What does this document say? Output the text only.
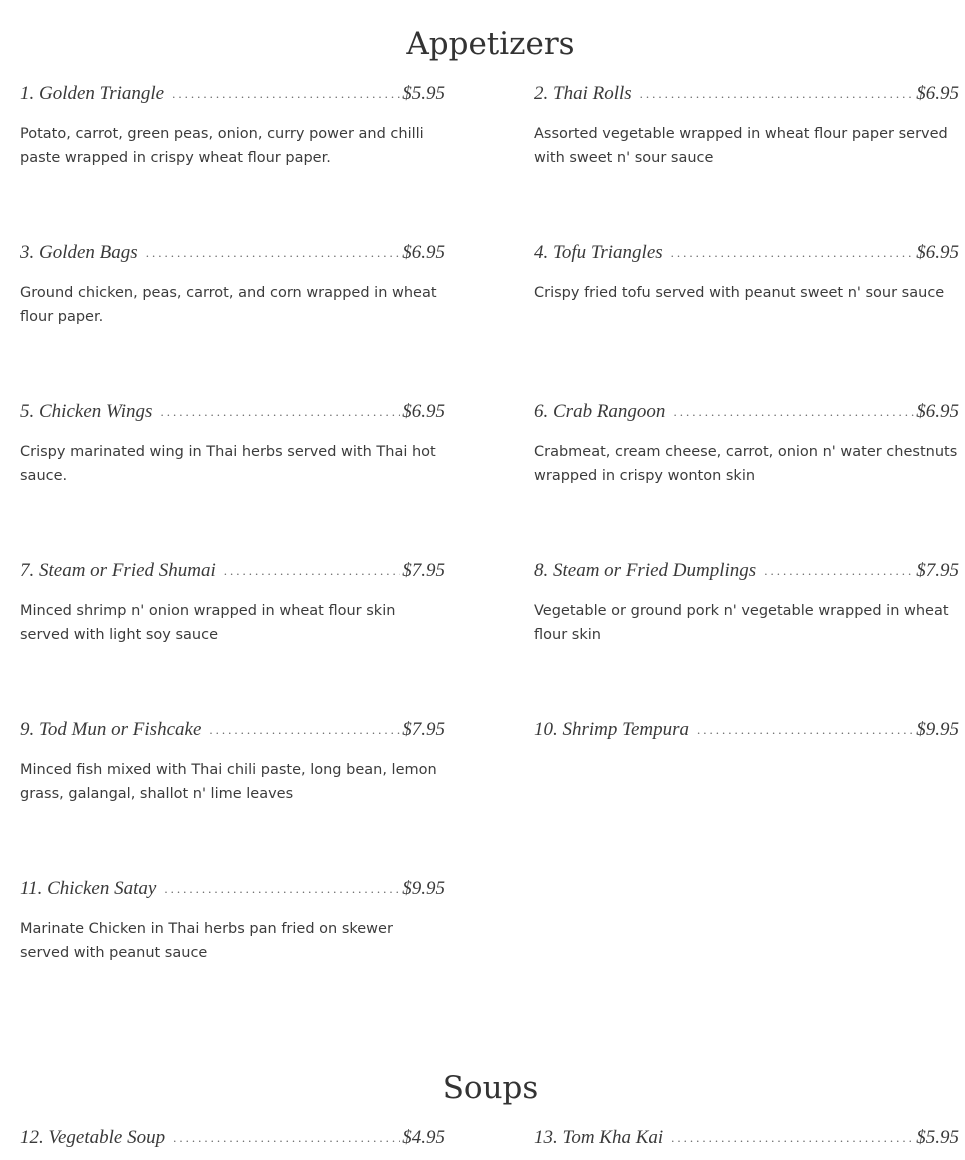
Appetizers
1. Golden Triangle .....	$5.95
Potato, carrot, green peas, onion, curry power and chilli paste wrapped in crispy wheat flour paper.
2. Thai Rolls .....	$6.95
Assorted vegetable wrapped in wheat flour paper served with sweet n' sour sauce
3. Golden Bags .....	$6.95
Ground chicken, peas, carrot, and corn wrapped in wheat flour paper.
4. Tofu Triangles .....	$6.95
Crispy fried tofu served with peanut sweet n' sour sauce
5. Chicken Wings .....	$6.95
Crispy marinated wing in Thai herbs served with Thai hot sauce.
6. Crab Rangoon .....	$6.95
Crabmeat, cream cheese, carrot, onion n' water chestnuts wrapped in crispy wonton skin
7. Steam or Fried Shumai .....	$7.95
Minced shrimp n' onion wrapped in wheat flour skin served with light soy sauce
8. Steam or Fried Dumplings .....	$7.95
Vegetable or ground pork n' vegetable wrapped in wheat flour skin
9. Tod Mun or Fishcake .....	$7.95
Minced fish mixed with Thai chili paste, long bean, lemon grass, galangal, shallot n' lime leaves
10. Shrimp Tempura .....	$9.95
11. Chicken Satay .....	$9.95
Marinate Chicken in Thai herbs pan fried on skewer served with peanut sauce
Soups
12. Vegetable Soup .....	$4.95	13. Tom Kha Kai .....	$5.95
